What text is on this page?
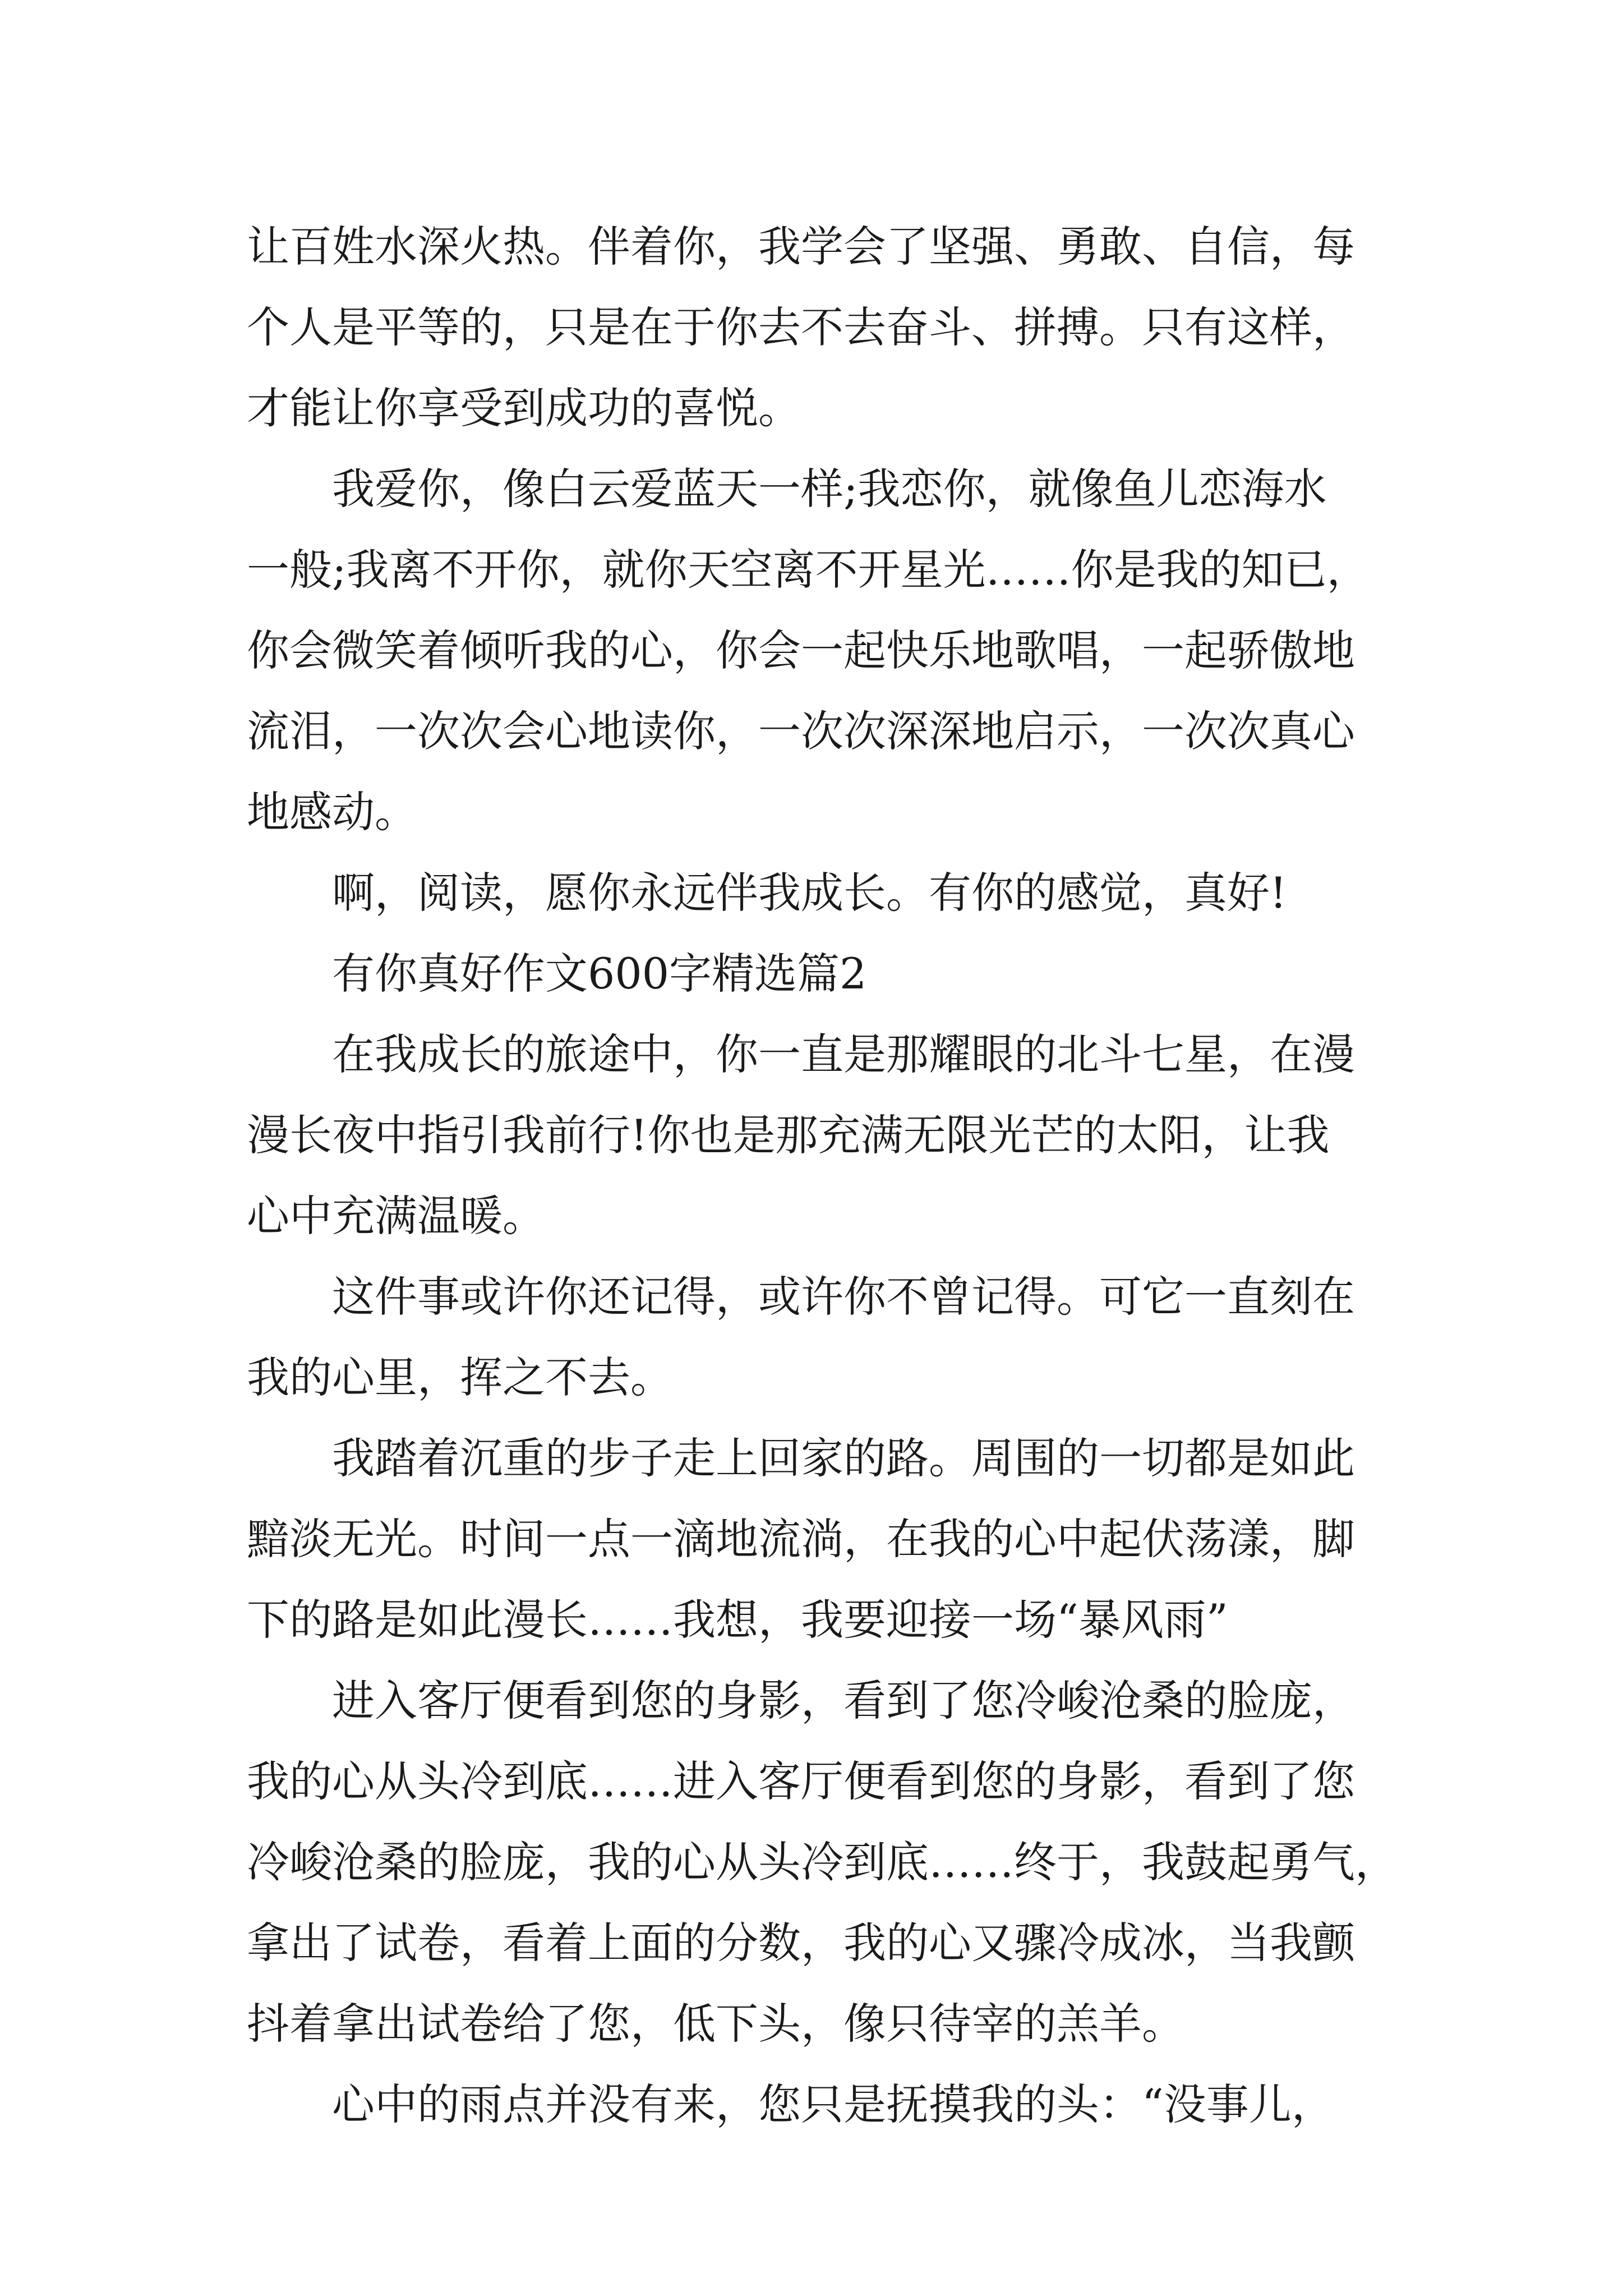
让百姓水深火热。伴着你，我学会了坚强、勇敢、自信，每
个人是平等的，只是在于你去不去奋斗、拼搏。只有这样，
才能让你享受到成功的喜悦。
我爱你，像白云爱蓝天一样;我恋你，就像鱼儿恋海水
一般;我离不开你，就你天空离不开星光……你是我的知已，
你会微笑着倾听我的心，你会一起快乐地歌唱，一起骄傲地
流泪，一次次会心地读你，一次次深深地启示，一次次真心
地感动。
啊，阅读，愿你永远伴我成长。有你的感觉，真好!
有你真好作文600字精选篇2
在我成长的旅途中，你一直是那耀眼的北斗七星，在漫
漫长夜中指引我前行!你也是那充满无限光芒的太阳，让我
心中充满温暖。
这件事或许你还记得，或许你不曾记得。可它一直刻在
我的心里，挥之不去。
我踏着沉重的步子走上回家的路。周围的一切都是如此
黯淡无光。时间一点一滴地流淌，在我的心中起伏荡漾，脚
下的路是如此漫长……我想，我要迎接一场“暴风雨”
进入客厅便看到您的身影，看到了您冷峻沧桑的脸庞，
我的心从头冷到底……进入客厅便看到您的身影，看到了您
冷峻沧桑的脸庞，我的心从头冷到底……终于，我鼓起勇气，
拿出了试卷，看着上面的分数，我的心又骤冷成冰，当我颤
抖着拿出试卷给了您，低下头，像只待宰的羔羊。
心中的雨点并没有来，您只是抚摸我的头：“没事儿，
